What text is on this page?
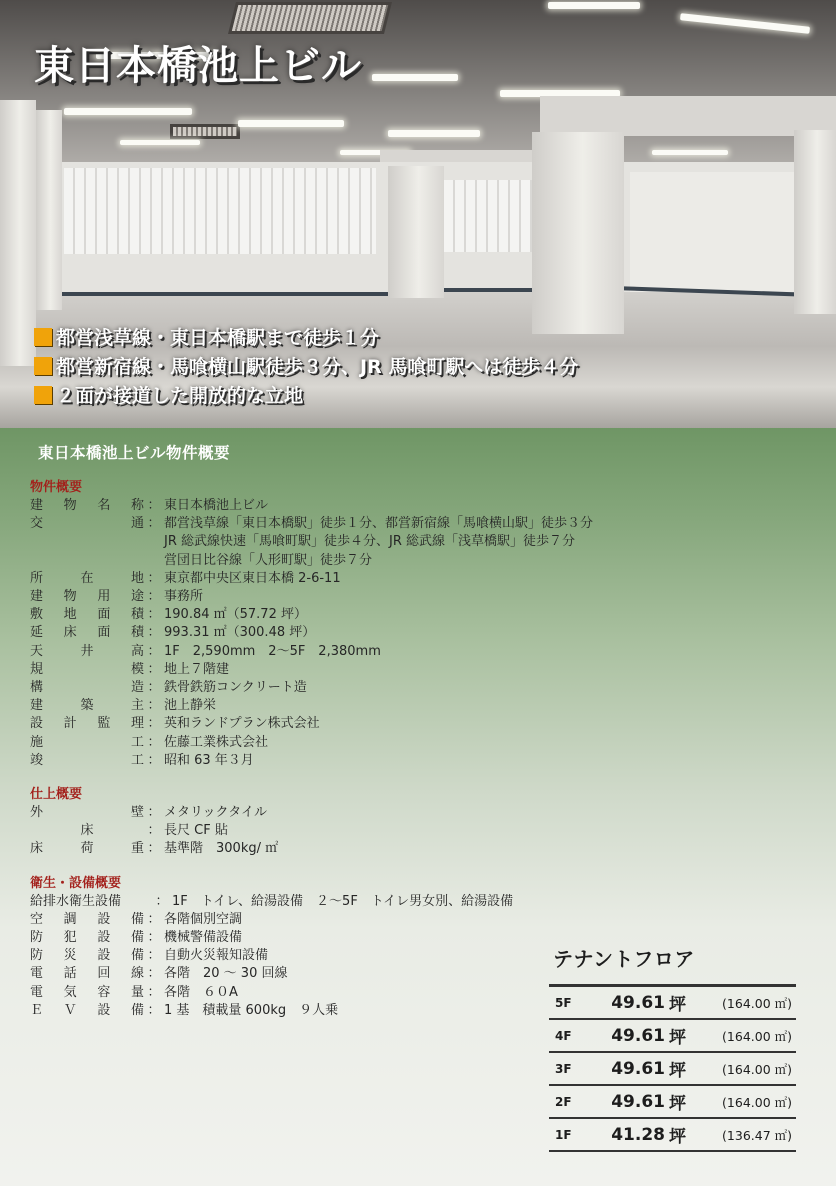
東日本橋池上ビル
都営浅草線・東日本橋駅まで徒歩１分
都営新宿線・馬喰横山駅徒歩３分、JR 馬喰町駅へは徒歩４分
２面が接道した開放的な立地
東日本橋池上ビル物件概要
物件概要
建物名称 ： 東日本橋池上ビル
交通 ： 都営浅草線「東日本橋駅」徒歩１分、都営新宿線「馬喰横山駅」徒歩３分
JR 総武線快速「馬喰町駅」徒歩４分、JR 総武線「浅草橋駅」徒歩７分
営団日比谷線「人形町駅」徒歩７分
所在地 ： 東京都中央区東日本橋 2-6-11
建物用途 ： 事務所
敷地面積 ： 190.84 ㎡（57.72 坪）
延床面積 ： 993.31 ㎡（300.48 坪）
天井高 ： 1F　2,590mm　2～5F　2,380mm
規模 ： 地上７階建
構造 ： 鉄骨鉄筋コンクリート造
建築主 ： 池上静栄
設計監理 ： 英和ランドプラン株式会社
施工 ： 佐藤工業株式会社
竣工 ： 昭和 63 年３月
仕上概要
外壁 ： メタリックタイル
床	： 長尺 CF 貼
床荷重 ： 基準階　300kg/ ㎡
衛生・設備概要
給排水衛生設備	： 1F　トイレ、給湯設備　２～5F　トイレ男女別、給湯設備
空調設備 ： 各階個別空調
防犯設備 ： 機械警備設備
防災設備 ： 自動火災報知設備
電話回線 ： 各階　20 ～ 30 回線
電気容量 ： 各階　６０A
ＥＶ設備 ： 1 基　積載量 600kg　９人乗
テナントフロア
5F	49.61 坪	(164.00 ㎡)
4F	49.61 坪	(164.00 ㎡)
3F	49.61 坪	(164.00 ㎡)
2F	49.61 坪	(164.00 ㎡)
1F	41.28 坪	(136.47 ㎡)
